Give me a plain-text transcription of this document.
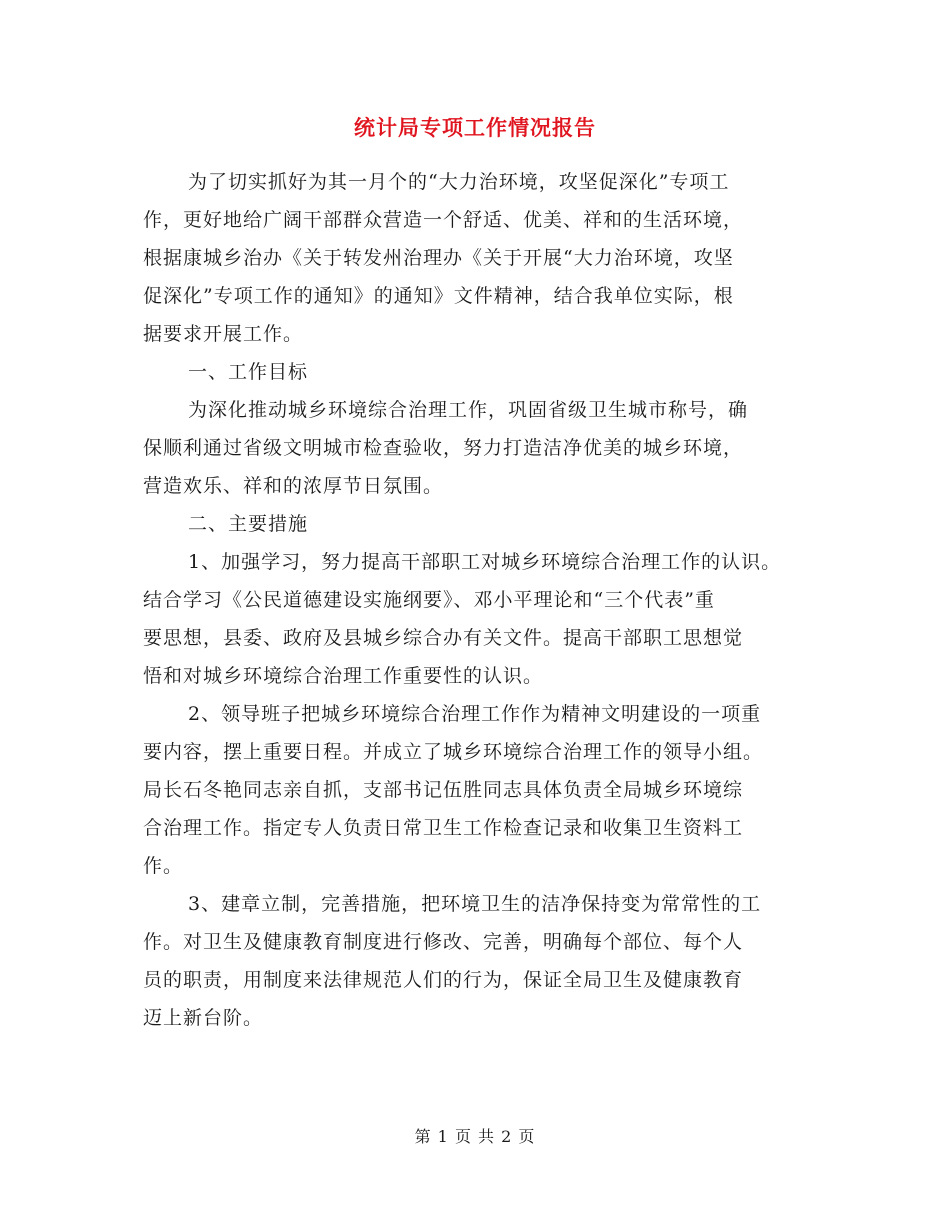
统计局专项工作情况报告
为了切实抓好为其一月个的“大力治环境，攻坚促深化”专项工
作，更好地给广阔干部群众营造一个舒适、优美、祥和的生活环境，
根据康城乡治办《关于转发州治理办《关于开展“大力治环境，攻坚
促深化”专项工作的通知》的通知》文件精神，结合我单位实际，根
据要求开展工作。
一、工作目标
为深化推动城乡环境综合治理工作，巩固省级卫生城市称号，确
保顺利通过省级文明城市检查验收，努力打造洁净优美的城乡环境，
营造欢乐、祥和的浓厚节日氛围。
二、主要措施
1、加强学习，努力提高干部职工对城乡环境综合治理工作的认识。
结合学习《公民道德建设实施纲要》、邓小平理论和“三个代表”重
要思想，县委、政府及县城乡综合办有关文件。提高干部职工思想觉
悟和对城乡环境综合治理工作重要性的认识。
2、领导班子把城乡环境综合治理工作作为精神文明建设的一项重
要内容，摆上重要日程。并成立了城乡环境综合治理工作的领导小组。
局长石冬艳同志亲自抓，支部书记伍胜同志具体负责全局城乡环境综
合治理工作。指定专人负责日常卫生工作检查记录和收集卫生资料工
作。
3、建章立制，完善措施，把环境卫生的洁净保持变为常常性的工
作。对卫生及健康教育制度进行修改、完善，明确每个部位、每个人
员的职责，用制度来法律规范人们的行为，保证全局卫生及健康教育
迈上新台阶。
第 1 页 共 2 页
